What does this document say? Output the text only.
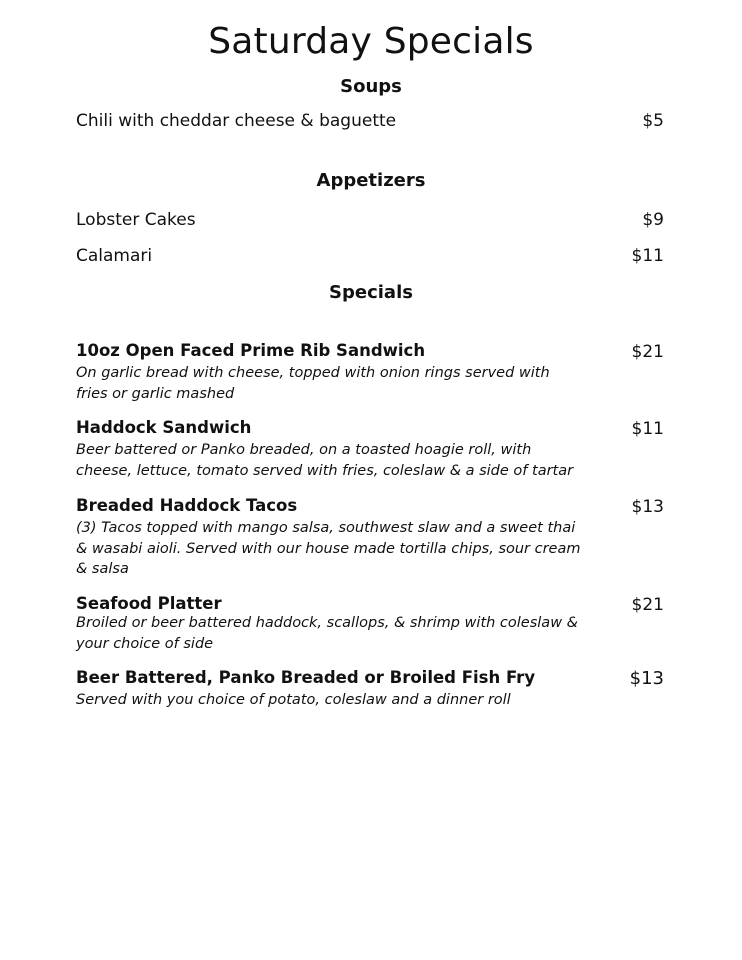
Saturday Specials
Soups
Chili with cheddar cheese & baguette	$5
Appetizers
Lobster Cakes	$9
Calamari	$11
Specials
10oz Open Faced Prime Rib Sandwich	$21
On garlic bread with cheese, topped with onion rings served with fries or garlic mashed
Haddock Sandwich	$11
Beer battered or Panko breaded, on a toasted hoagie roll, with cheese, lettuce, tomato served with fries, coleslaw & a side of tartar
Breaded Haddock Tacos	$13
(3) Tacos topped with mango salsa, southwest slaw and a sweet thai & wasabi aioli. Served with our house made tortilla chips, sour cream & salsa
Seafood Platter	$21
Broiled or beer battered haddock, scallops, & shrimp with coleslaw & your choice of side
Beer Battered, Panko Breaded or Broiled Fish Fry	$13
Served with you choice of potato, coleslaw and a dinner roll
